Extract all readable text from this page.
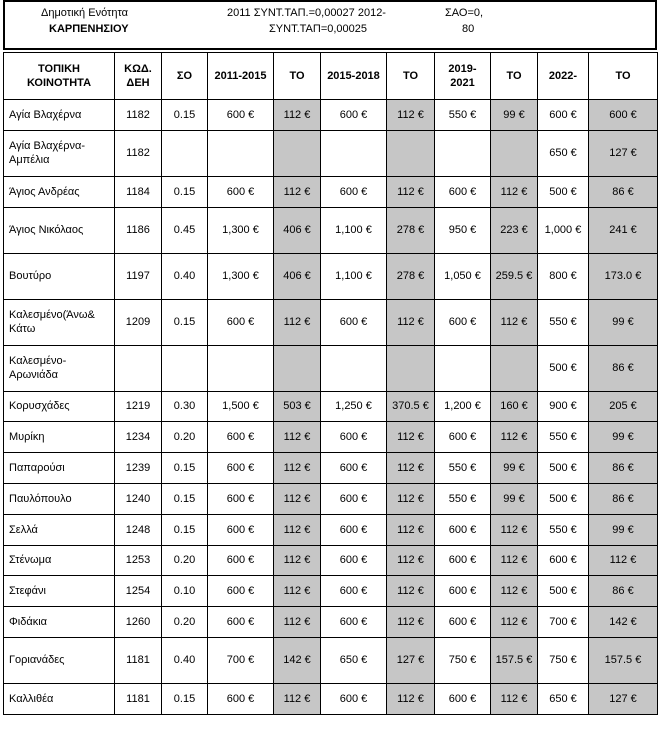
Δημοτική Ενότητα
ΚΑΡΠΕΝΗΣΙΟΥ
2011 ΣΥΝΤ.ΤΑΠ.=0,00027 2012-
ΣΥΝΤ.ΤΑΠ=0,00025
ΣΑΟ=0,
80
ΤΟΠΙΚΗ ΚΟΙΝΟΤΗΤΑ	ΚΩΔ. ΔΕΗ	ΣΟ	2011-2015	ΤΟ	2015-2018	ΤΟ	2019-2021	ΤΟ	2022-	ΤΟ
Αγία Βλαχέρνα	1182	0.15	600 €	112 €	600 €	112 €	550 €	99 €	600 €	600 €
Αγία Βλαχέρνα-Αμπέλια	1182								650 €	127 €
Άγιος Ανδρέας	1184	0.15	600 €	112 €	600 €	112 €	600 €	112 €	500 €	86 €
Άγιος Νικόλαος	1186	0.45	1,300 €	406 €	1,100 €	278 €	950 €	223 €	1,000 €	241 €
Βουτύρο	1197	0.40	1,300 €	406 €	1,100 €	278 €	1,050 €	259.5 €	800 €	173.0 €
Καλεσμένο(Άνω& Κάτω	1209	0.15	600 €	112 €	600 €	112 €	600 €	112 €	550 €	99 €
Καλεσμένο-Αρωνιάδα									500 €	86 €
Κορυσχάδες	1219	0.30	1,500 €	503 €	1,250 €	370.5 €	1,200 €	160 €	900 €	205 €
Μυρίκη	1234	0.20	600 €	112 €	600 €	112 €	600 €	112 €	550 €	99 €
Παπαρούσι	1239	0.15	600 €	112 €	600 €	112 €	550 €	99 €	500 €	86 €
Παυλόπουλο	1240	0.15	600 €	112 €	600 €	112 €	550 €	99 €	500 €	86 €
Σελλά	1248	0.15	600 €	112 €	600 €	112 €	600 €	112 €	550 €	99 €
Στένωμα	1253	0.20	600 €	112 €	600 €	112 €	600 €	112 €	600 €	112 €
Στεφάνι	1254	0.10	600 €	112 €	600 €	112 €	600 €	112 €	500 €	86 €
Φιδάκια	1260	0.20	600 €	112 €	600 €	112 €	600 €	112 €	700 €	142 €
Γοριανάδες	1181	0.40	700 €	142 €	650 €	127 €	750 €	157.5 €	750 €	157.5 €
Καλλιθέα	1181	0.15	600 €	112 €	600 €	112 €	600 €	112 €	650 €	127 €
